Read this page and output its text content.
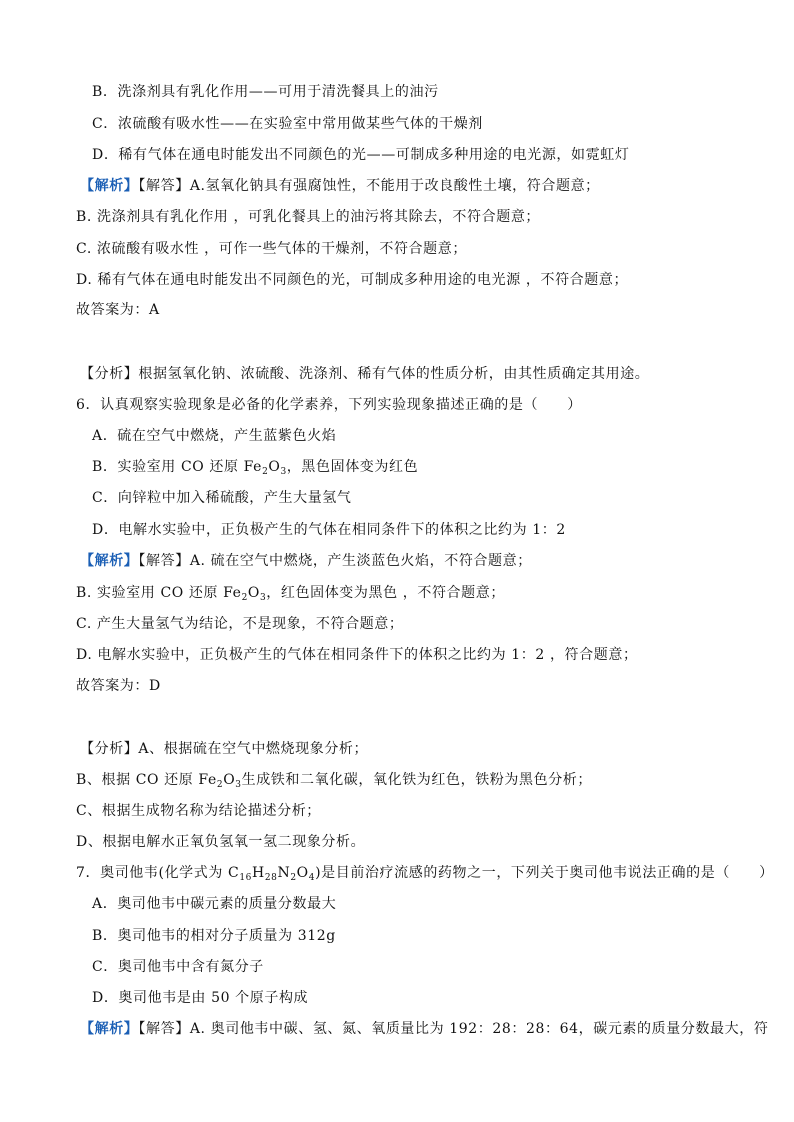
B．洗涤剂具有乳化作用——可用于清洗餐具上的油污
C．浓硫酸有吸水性——在实验室中常用做某些气体的干燥剂
D．稀有气体在通电时能发出不同颜色的光——可制成多种用途的电光源，如霓虹灯
【解析】【解答】A.氢氧化钠具有强腐蚀性，不能用于改良酸性土壤，符合题意；
B. 洗涤剂具有乳化作用 ，可乳化餐具上的油污将其除去，不符合题意；
C. 浓硫酸有吸水性 ，可作一些气体的干燥剂，不符合题意；
D. 稀有气体在通电时能发出不同颜色的光，可制成多种用途的电光源 ，不符合题意；
故答案为：A
【分析】根据氢氧化钠、浓硫酸、洗涤剂、稀有气体的性质分析，由其性质确定其用途。
6．认真观察实验现象是必备的化学素养，下列实验现象描述正确的是（　　）
A．硫在空气中燃烧，产生蓝紫色火焰
B．实验室用 CO 还原 $Fe_2O_3$，黑色固体变为红色
C．向锌粒中加入稀硫酸，产生大量氢气
D．电解水实验中，正负极产生的气体在相同条件下的体积之比约为 1：2
【解析】【解答】A. 硫在空气中燃烧，产生淡蓝色火焰，不符合题意；
B. 实验室用 CO 还原 $Fe_2O_3$，红色固体变为黑色 ，不符合题意；
C. 产生大量氢气为结论，不是现象，不符合题意；
D. 电解水实验中，正负极产生的气体在相同条件下的体积之比约为 1：2 ，符合题意；
故答案为：D
【分析】A、根据硫在空气中燃烧现象分析；
B、根据 CO 还原 $Fe_2O_3$生成铁和二氧化碳，氧化铁为红色，铁粉为黑色分析；
C、根据生成物名称为结论描述分析；
D、根据电解水正氧负氢氧一氢二现象分析。
7．奥司他韦(化学式为 $C_{16}H_{28}N_2O_4$)是目前治疗流感的药物之一，下列关于奥司他韦说法正确的是（　　）
A．奥司他韦中碳元素的质量分数最大
B．奥司他韦的相对分子质量为 312g
C．奥司他韦中含有氮分子
D．奥司他韦是由 50 个原子构成
【解析】【解答】A. 奥司他韦中碳、氢、氮、氧质量比为 192：28：28：64，碳元素的质量分数最大，符
